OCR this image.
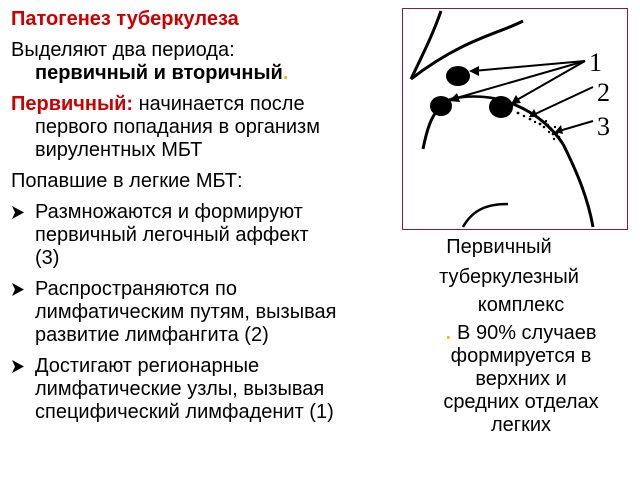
Патогенез туберкулеза
Выделяют два периода:
первичный и вторичный.
Первичный: начинается после
первого попадания в организм
вирулентных МБТ
Попавшие в легкие МБТ:
Размножаются и формируют
первичный легочный аффект
(3)
Распространяются по
лимфатическим путям, вызывая
развитие лимфангита (2)
Достигают регионарные
лимфатические узлы, вызывая
специфический лимфаденит (1)
1
2
3
Первичный
туберкулезный
комплекс
. В 90% случаев
формируется в
верхних и
средних отделах
легких
